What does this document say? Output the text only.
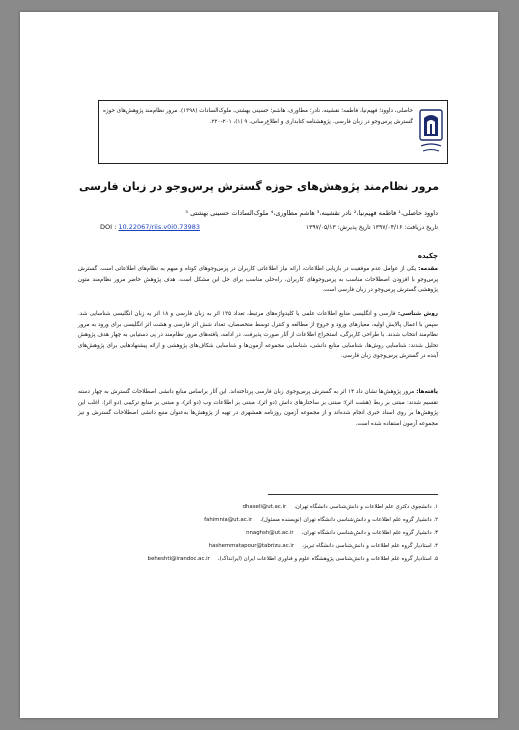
حاصلی، داوود؛ فهیم‌نیا، فاطمه؛ نقشینه، نادر؛ مطاوری، هاشم؛ حسینی بهشتی، ملوک‌السادات (۱۳۹۸). مرور نظام‌مند پژوهش‌های حوزه گسترش پرس‌وجو در زبان فارسی. پژوهشنامه کتابداری و اطلاع‌رسانی، ۹ (۱)، ۲۰۱-۲۲۰.
مرور نظام‌مند پژوهش‌های حوزه گسترش پرس‌وجو در زبان فارسی
داوود حاصلی،¹ فاطمه فهیم‌نیا،² نادر نقشینه،³ هاشم مطاوری،⁴ ملوک‌السادات حسینی بهشتی ⁵
تاریخ دریافت: ۱۳۹۷/۰۴/۱۶ تاریخ پذیرش: ۱۳۹۷/۰۵/۱۳
DOI : 10.22067/riis.v0i0.73983
چکیده
مقدمه: یکی از عوامل عدم موفقیت در بازیابی اطلاعات، ارائه نیاز اطلاعاتی کاربران در پرس‌وجوهای کوتاه و مبهم به نظام‌های اطلاعاتی است. گسترش پرس‌وجو با افزودن اصطلاحات مناسب به پرس‌وجوهای کاربران، راه‌حلی مناسب برای حل این مشکل است. هدف پژوهش حاضر مرور نظام‌مند متون پژوهشی گسترش پرس‌وجو در زبان فارسی است.
روش شناسی: فارسی و انگلیسی منابع اطلاعات علمی با کلیدواژه‌های مرتبط، تعداد ۱۳۵ اثر به زبان فارسی و ۱۸ اثر به زبان انگلیسی شناسایی شد. سپس با اعمال پالایش اولیه، معیارهای ورود و خروج از مطالعه و کنترل توسط متخصصان، تعداد شش اثر فارسی و هشت اثر انگلیسی برای ورود به مرور نظام‌مند انتخاب شدند. با طراحی کاربرگی، استخراج اطلاعات از آثار صورت پذیرفت. در ادامه، یافته‌های مرور نظام‌مند در پی دستیابی به چهار هدف پژوهش تحلیل شدند: شناسایی روش‌ها، شناسایی منابع دانشی، شناسایی مجموعه آزمون‌ها و شناسایی شکاف‌های پژوهشی و ارائه پیشنهادهایی برای پژوهش‌های آینده در گسترش پرس‌وجوی زبان فارسی.
یافته‌ها: مرور پژوهش‌ها نشان داد ۱۴ اثر به گسترش پرس‌وجوی زبان فارسی پرداخته‌اند. این آثار براساس منابع دانشی اصطلاحات گسترش به چهار دسته تقسیم شدند: مبتنی بر ربط (هشت اثر)؛ مبتنی بر ساختارهای دانش (دو اثر)، مبتنی بر اطلاعات وب (دو اثر)، و مبتنی بر منابع ترکیبی (دو اثر). اغلب این پژوهش‌ها بر روی اسناد خبری انجام شده‌اند و از مجموعه آزمون روزنامه همشهری در تهیه از پژوهش‌ها به‌عنوان منبع دانشی اصطلاحات گسترش و نیز مجموعه آزمون استفاده شده است.
۱. دانشجوی دکتری علم اطلاعات و دانش‌شناسی دانشگاه تهران،
dhaseli@ut.ac.ir
۲. دانشیار گروه علم اطلاعات و دانش‌شناسی دانشگاه تهران (نویسنده مسئول)،
fahimnia@ut.ac.ir
۳. دانشیار گروه علم اطلاعات و دانش‌شناسی دانشگاه تهران،
nnaghsh@ut.ac.ir
۴. استادیار گروه علم اطلاعات و دانش‌شناسی دانشگاه تبریز،
hashemmatapour@tabrizu.ac.ir
۵. استادیار گروه علم اطلاعات و دانش‌شناسی پژوهشگاه علوم و فناوری اطلاعات ایران (ایرانداک)،
beheshti@irandoc.ac.ir
